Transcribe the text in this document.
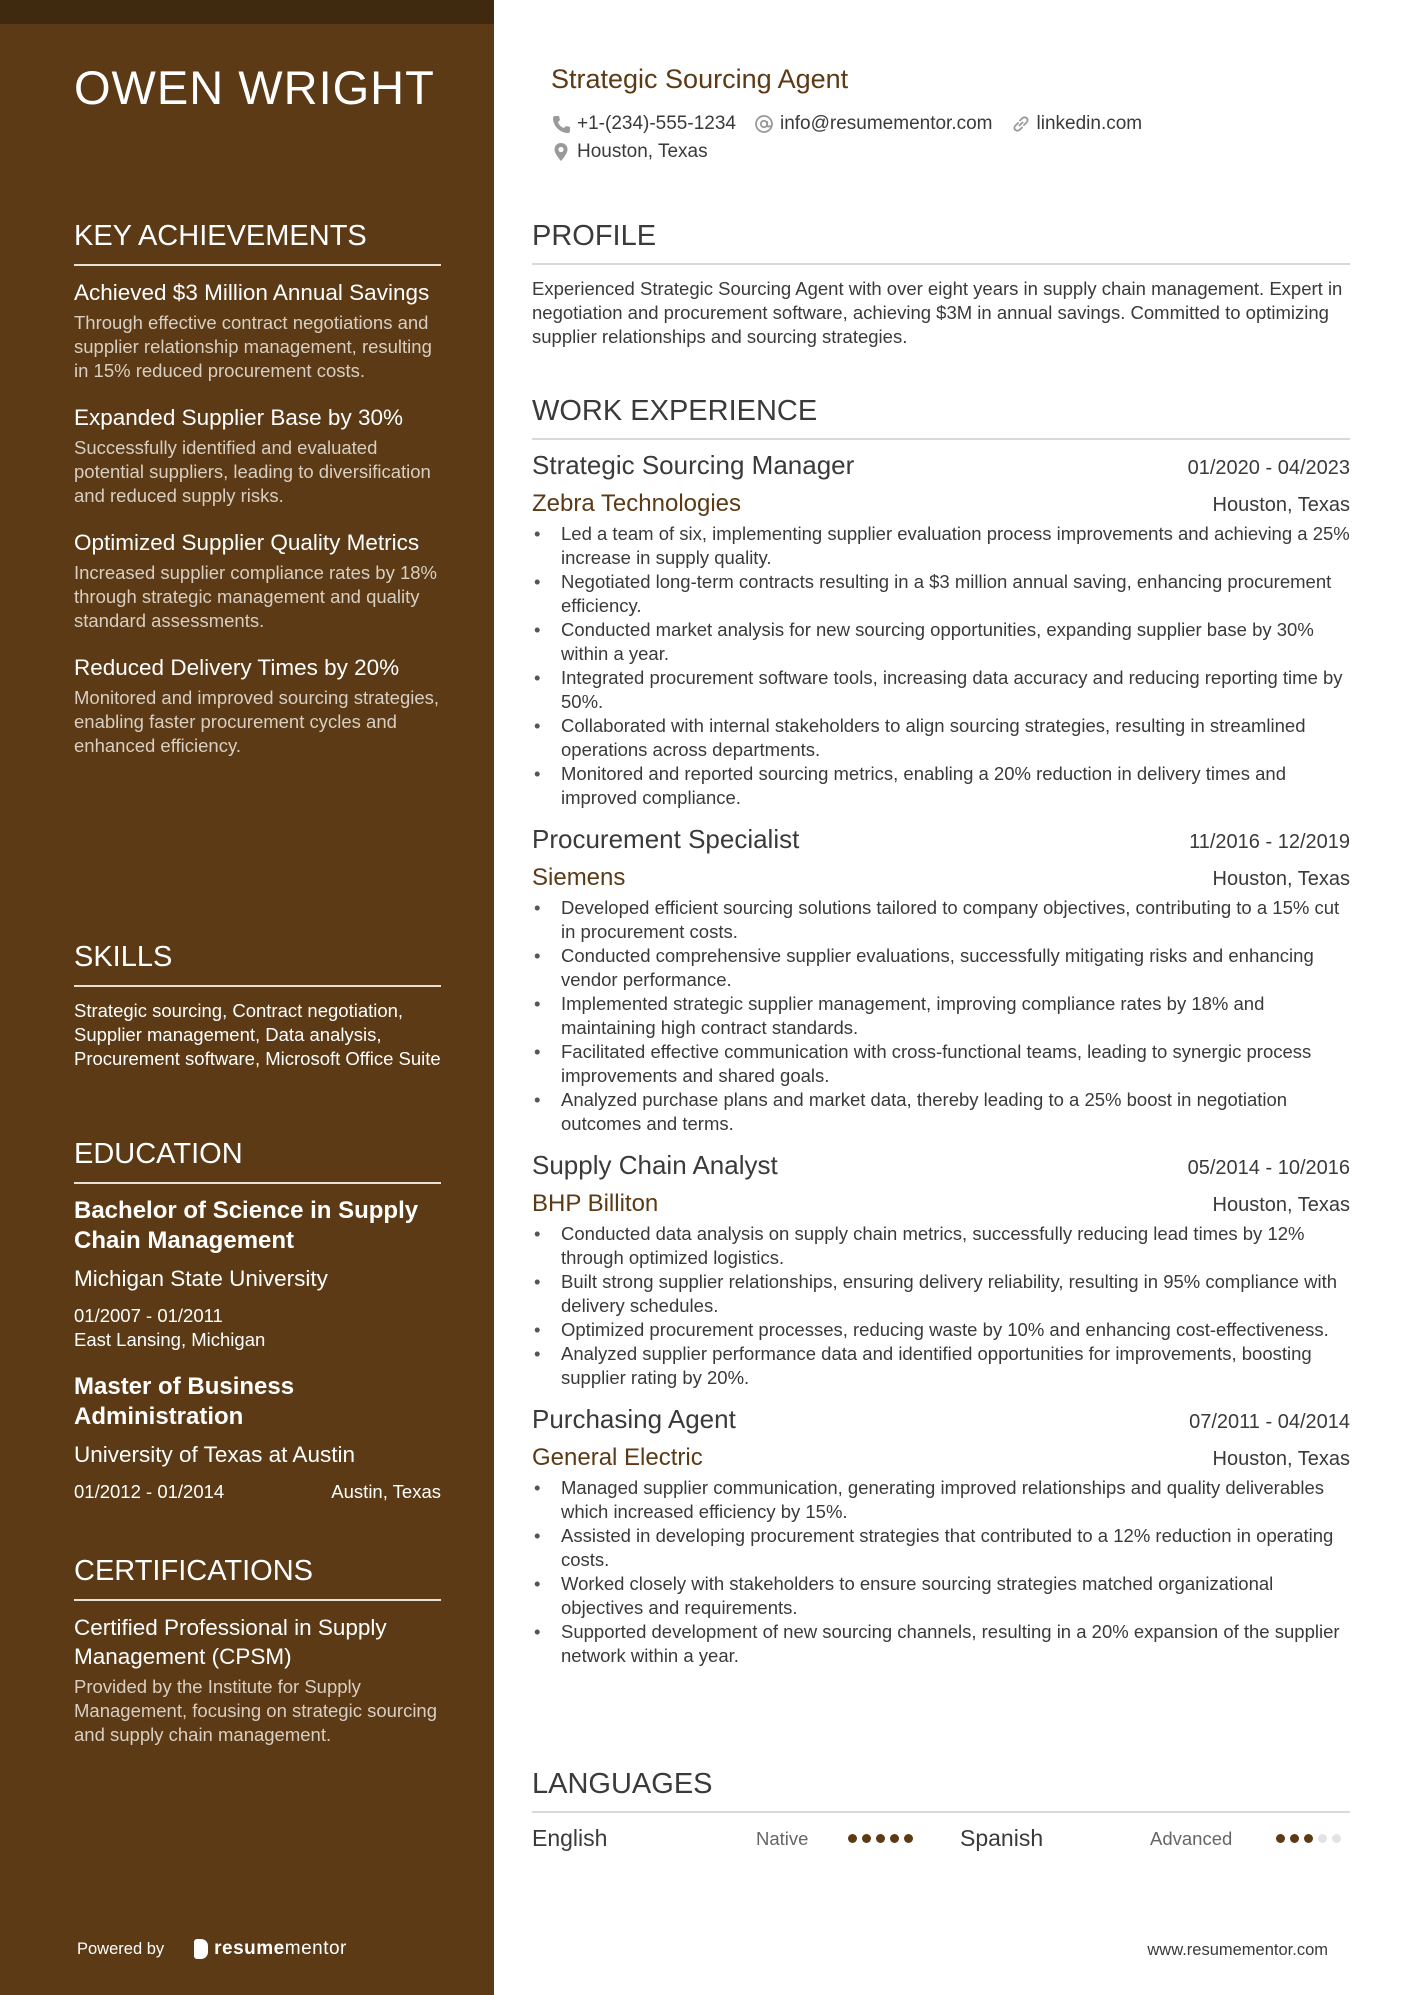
OWEN WRIGHT
KEY ACHIEVEMENTS
Achieved $3 Million Annual Savings
Through effective contract negotiations and supplier relationship management, resulting in 15% reduced procurement costs.
Expanded Supplier Base by 30%
Successfully identified and evaluated potential suppliers, leading to diversification and reduced supply risks.
Optimized Supplier Quality Metrics
Increased supplier compliance rates by 18% through strategic management and quality standard assessments.
Reduced Delivery Times by 20%
Monitored and improved sourcing strategies, enabling faster procurement cycles and enhanced efficiency.
SKILLS
Strategic sourcing, Contract negotiation, Supplier management, Data analysis, Procurement software, Microsoft Office Suite
EDUCATION
Bachelor of Science in Supply Chain Management
Michigan State University
01/2007 - 01/2011
East Lansing, Michigan
Master of Business Administration
University of Texas at Austin
01/2012 - 01/2014	Austin, Texas
CERTIFICATIONS
Certified Professional in Supply Management (CPSM)
Provided by the Institute for Supply Management, focusing on strategic sourcing and supply chain management.
Powered by	resumementor
Strategic Sourcing Agent
+1-(234)-555-1234 info@resumementor.com linkedin.com
Houston, Texas
PROFILE
Experienced Strategic Sourcing Agent with over eight years in supply chain management. Expert in negotiation and procurement software, achieving $3M in annual savings. Committed to optimizing supplier relationships and sourcing strategies.
WORK EXPERIENCE
Strategic Sourcing Manager	01/2020 - 04/2023
Zebra Technologies	Houston, Texas
• Led a team of six, implementing supplier evaluation process improvements and achieving a 25% increase in supply quality.
• Negotiated long-term contracts resulting in a $3 million annual saving, enhancing procurement efficiency.
• Conducted market analysis for new sourcing opportunities, expanding supplier base by 30% within a year.
• Integrated procurement software tools, increasing data accuracy and reducing reporting time by 50%.
• Collaborated with internal stakeholders to align sourcing strategies, resulting in streamlined operations across departments.
• Monitored and reported sourcing metrics, enabling a 20% reduction in delivery times and improved compliance.
Procurement Specialist	11/2016 - 12/2019
Siemens	Houston, Texas
• Developed efficient sourcing solutions tailored to company objectives, contributing to a 15% cut in procurement costs.
• Conducted comprehensive supplier evaluations, successfully mitigating risks and enhancing vendor performance.
• Implemented strategic supplier management, improving compliance rates by 18% and maintaining high contract standards.
• Facilitated effective communication with cross-functional teams, leading to synergic process improvements and shared goals.
• Analyzed purchase plans and market data, thereby leading to a 25% boost in negotiation outcomes and terms.
Supply Chain Analyst	05/2014 - 10/2016
BHP Billiton	Houston, Texas
• Conducted data analysis on supply chain metrics, successfully reducing lead times by 12% through optimized logistics.
• Built strong supplier relationships, ensuring delivery reliability, resulting in 95% compliance with delivery schedules.
• Optimized procurement processes, reducing waste by 10% and enhancing cost-effectiveness.
• Analyzed supplier performance data and identified opportunities for improvements, boosting supplier rating by 20%.
Purchasing Agent	07/2011 - 04/2014
General Electric	Houston, Texas
• Managed supplier communication, generating improved relationships and quality deliverables which increased efficiency by 15%.
• Assisted in developing procurement strategies that contributed to a 12% reduction in operating costs.
• Worked closely with stakeholders to ensure sourcing strategies matched organizational objectives and requirements.
• Supported development of new sourcing channels, resulting in a 20% expansion of the supplier network within a year.
LANGUAGES
English	Native	Spanish	Advanced
www.resumementor.com
